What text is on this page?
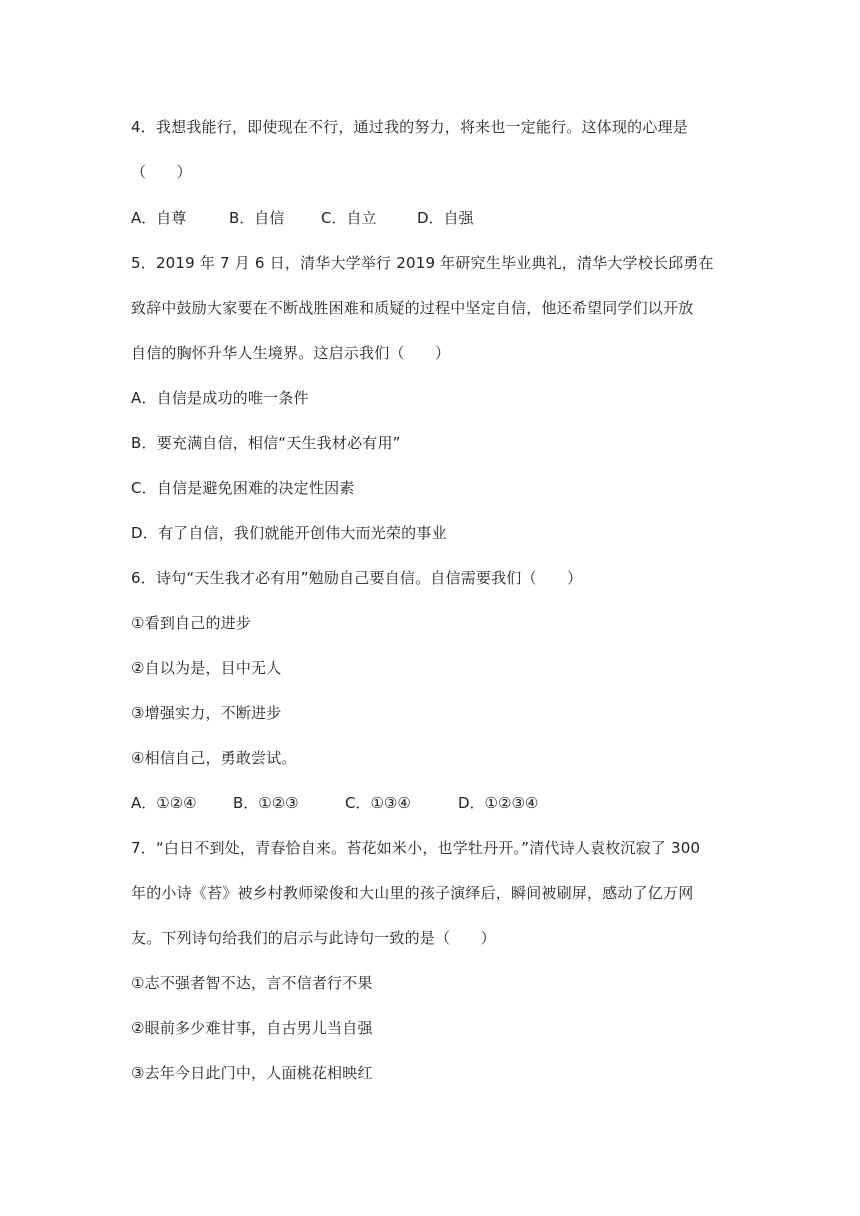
4．我想我能行，即使现在不行，通过我的努力，将来也一定能行。这体现的心理是
（　　）
A．自尊	B．自信 C．自立	D．自强
5．2019 年 7 月 6 日，清华大学举行 2019 年研究生毕业典礼，清华大学校长邱勇在
致辞中鼓励大家要在不断战胜困难和质疑的过程中坚定自信，他还希望同学们以开放
自信的胸怀升华人生境界。这启示我们（　　）
A．自信是成功的唯一条件
B．要充满自信，相信“天生我材必有用”
C．自信是避免困难的决定性因素
D．有了自信，我们就能开创伟大而光荣的事业
6．诗句“天生我才必有用”勉励自己要自信。自信需要我们（　　）
①看到自己的进步
②自以为是，目中无人
③增强实力，不断进步
④相信自己，勇敢尝试。
A．①②④ B．①②③	C．①③④	D．①②③④
7．“白日不到处，青春恰自来。苔花如米小，也学牡丹开。”清代诗人袁枚沉寂了 300
年的小诗《苔》被乡村教师梁俊和大山里的孩子演绎后，瞬间被刷屏，感动了亿万网
友。下列诗句给我们的启示与此诗句一致的是（　　）
①志不强者智不达，言不信者行不果
②眼前多少难甘事，自古男儿当自强
③去年今日此门中，人面桃花相映红
